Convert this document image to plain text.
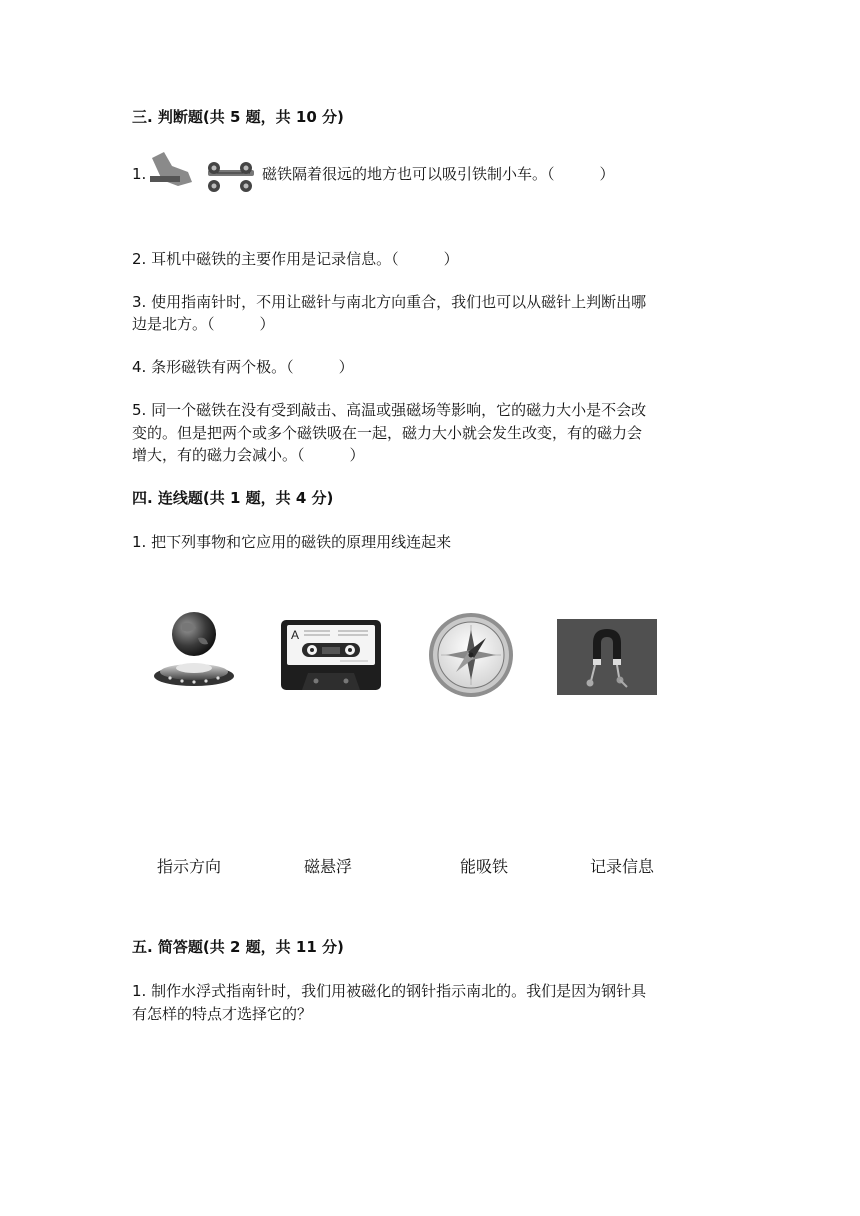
三. 判断题(共 5 题，共 10 分)
1.	磁铁隔着很远的地方也可以吸引铁制小车。（　　　）
2. 耳机中磁铁的主要作用是记录信息。（　　　）
3. 使用指南针时，不用让磁针与南北方向重合，我们也可以从磁针上判断出哪
边是北方。（　　　）
4. 条形磁铁有两个极。（　　　）
5. 同一个磁铁在没有受到敲击、高温或强磁场等影响，它的磁力大小是不会改
变的。但是把两个或多个磁铁吸在一起，磁力大小就会发生改变，有的磁力会
增大，有的磁力会减小。（　　　）
四. 连线题(共 1 题，共 4 分)
1. 把下列事物和它应用的磁铁的原理用线连起来
A
指示方向	磁悬浮	能吸铁	记录信息
五. 简答题(共 2 题，共 11 分)
1. 制作水浮式指南针时，我们用被磁化的钢针指示南北的。我们是因为钢针具
有怎样的特点才选择它的？
